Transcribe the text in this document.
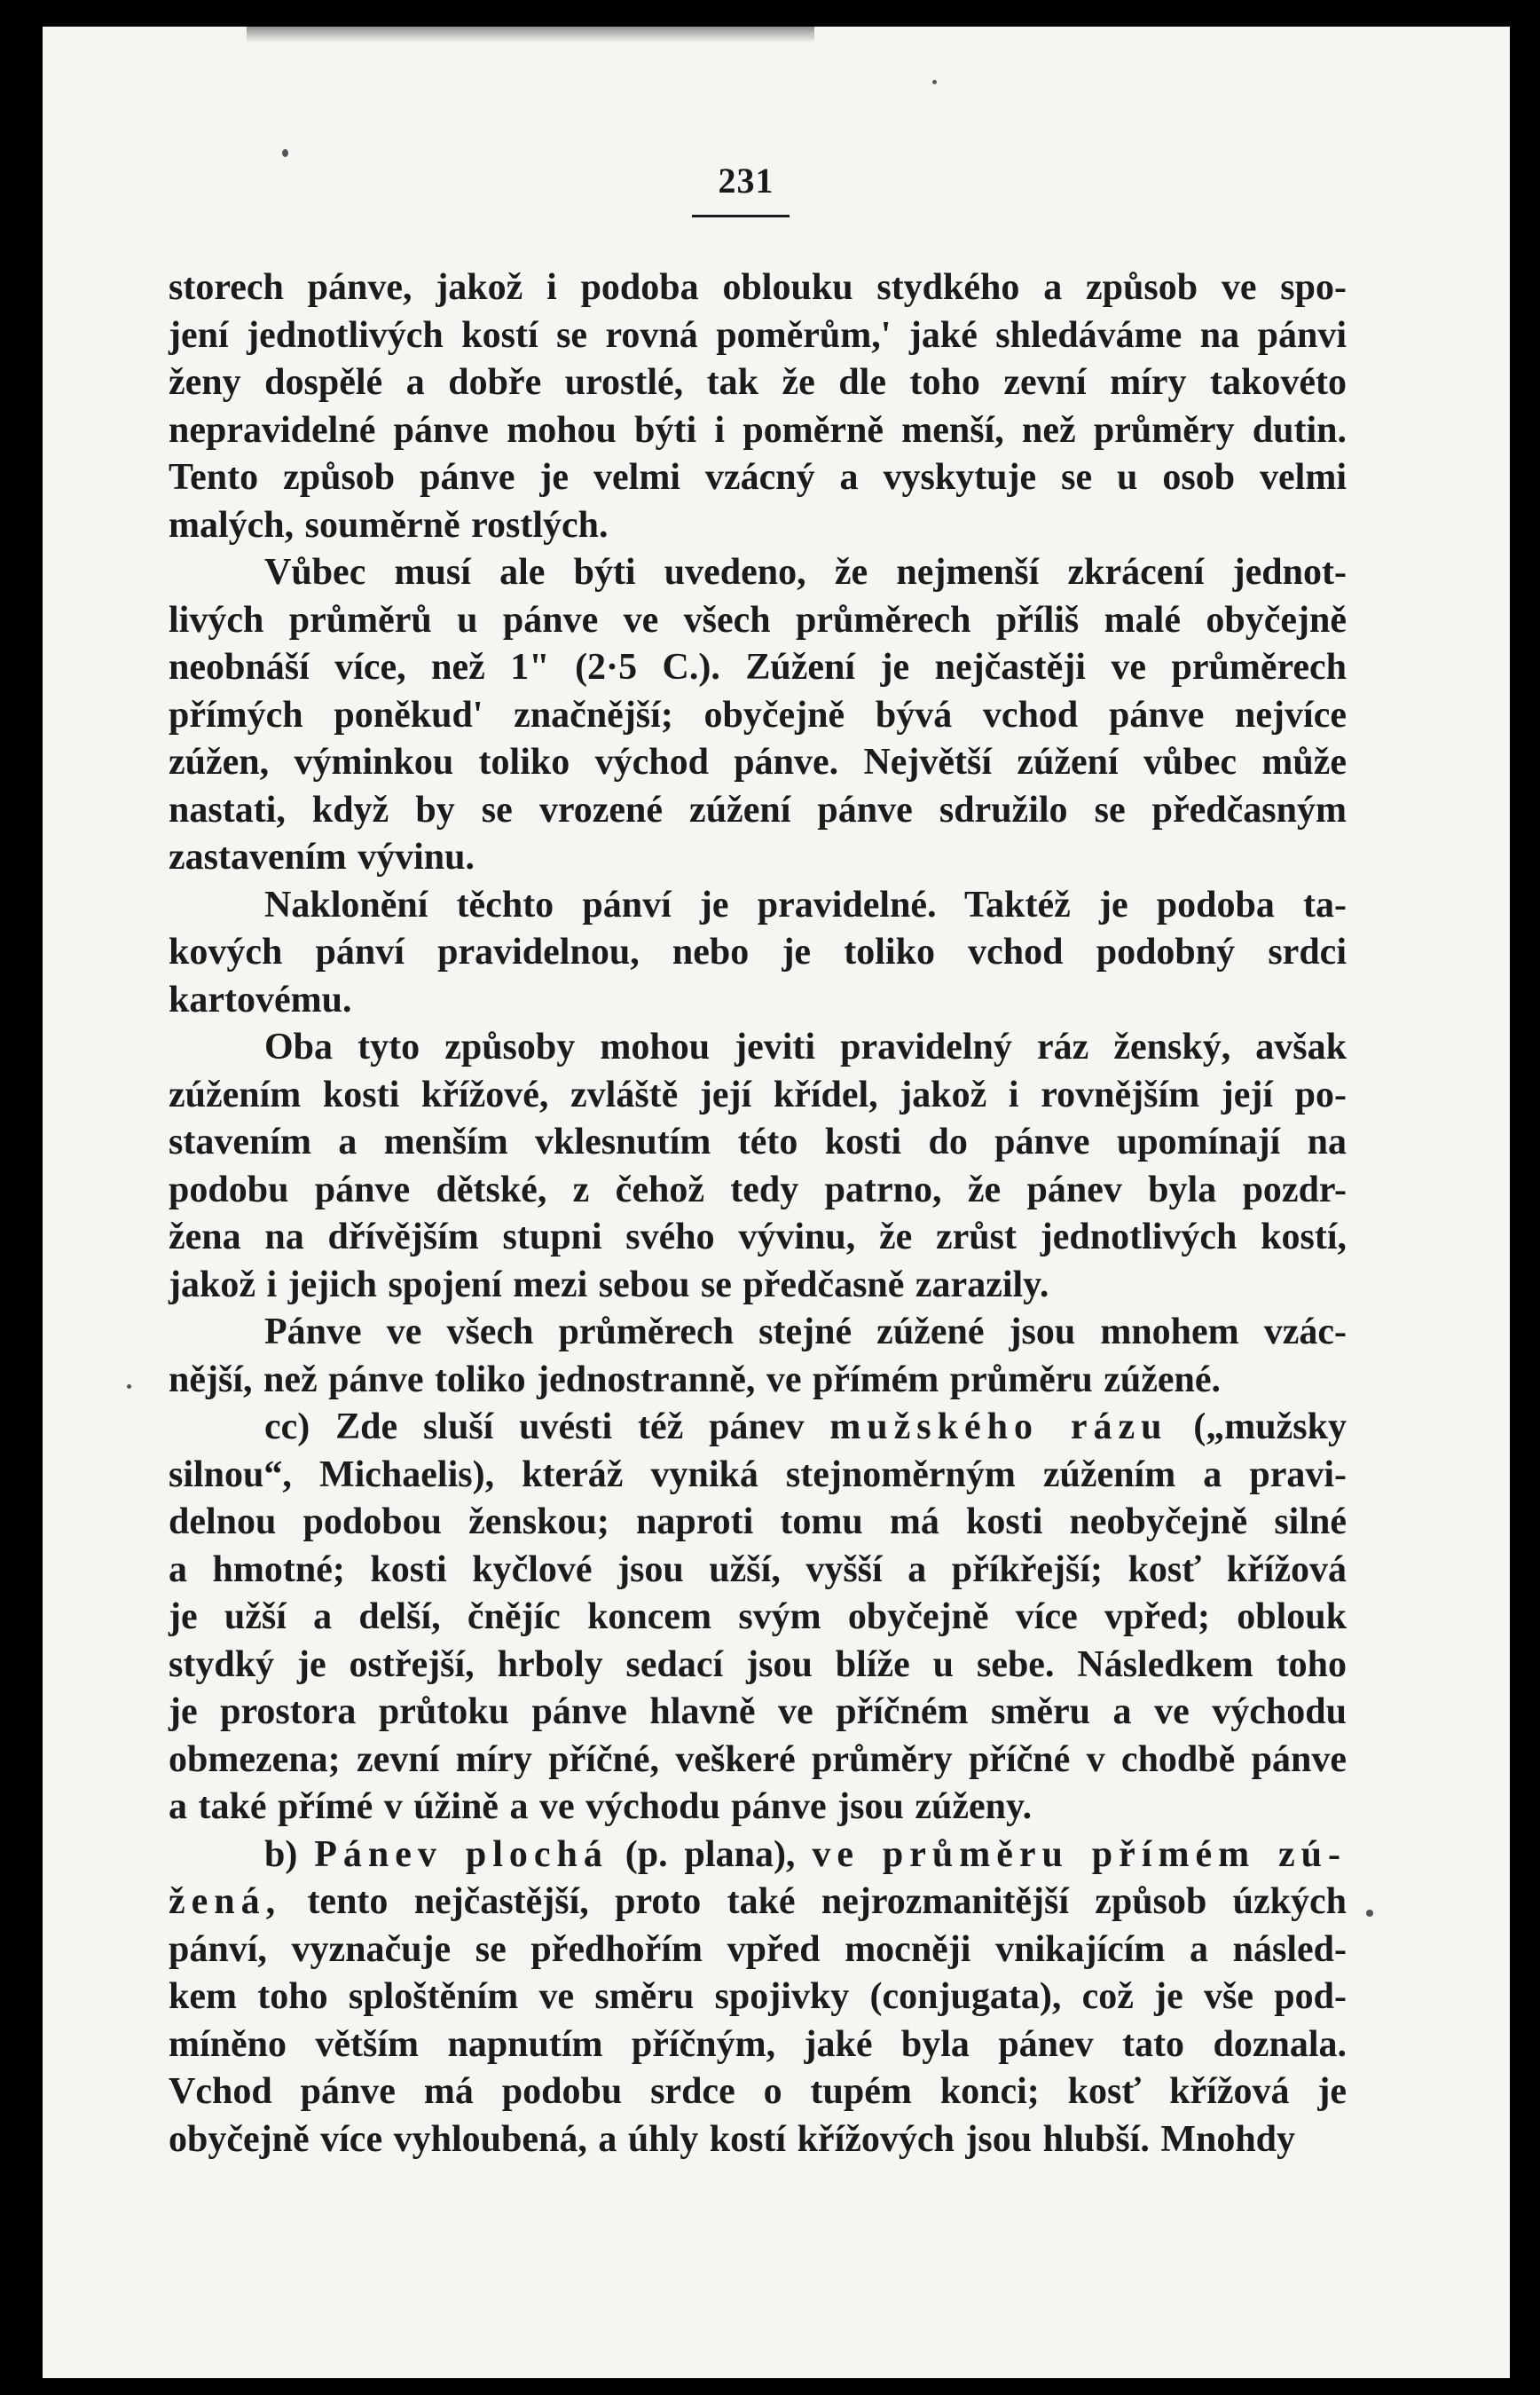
231
storech pánve, jakož i podoba oblouku stydkého a způsob ve spo-
jení jednotlivých kostí se rovná poměrům,' jaké shledáváme na pánvi
ženy dospělé a dobře urostlé, tak že dle toho zevní míry takovéto
nepravidelné pánve mohou býti i poměrně menší, než průměry dutin.
Tento způsob pánve je velmi vzácný a vyskytuje se u osob velmi
malých, souměrně rostlých.
Vůbec musí ale býti uvedeno, že nejmenší zkrácení jednot-
livých průměrů u pánve ve všech průměrech příliš malé obyčejně
neobnáší více, než 1" (2·5 C.). Zúžení je nejčastěji ve průměrech
přímých poněkud' značnější; obyčejně bývá vchod pánve nejvíce
zúžen, výminkou toliko východ pánve. Největší zúžení vůbec může
nastati, když by se vrozené zúžení pánve sdružilo se předčasným
zastavením vývinu.
Naklonění těchto pánví je pravidelné. Taktéž je podoba ta-
kových pánví pravidelnou, nebo je toliko vchod podobný srdci
kartovému.
Oba tyto způsoby mohou jeviti pravidelný ráz ženský, avšak
zúžením kosti křížové, zvláště její křídel, jakož i rovnějším její po-
stavením a menším vklesnutím této kosti do pánve upomínají na
podobu pánve dětské, z čehož tedy patrno, že pánev byla pozdr-
žena na dřívějším stupni svého vývinu, že zrůst jednotlivých kostí,
jakož i jejich spojení mezi sebou se předčasně zarazily.
Pánve ve všech průměrech stejné zúžené jsou mnohem vzác-
nější, než pánve toliko jednostranně, ve přímém průměru zúžené.
cc) Zde sluší uvésti též pánev mužského rázu („mužsky
silnou“, Michaelis), kteráž vyniká stejnoměrným zúžením a pravi-
delnou podobou ženskou; naproti tomu má kosti neobyčejně silné
a hmotné; kosti kyčlové jsou užší, vyšší a příkřejší; kosť křížová
je užší a delší, čnějíc koncem svým obyčejně více vpřed; oblouk
stydký je ostřejší, hrboly sedací jsou blíže u sebe. Následkem toho
je prostora průtoku pánve hlavně ve příčném směru a ve východu
obmezena; zevní míry příčné, veškeré průměry příčné v chodbě pánve
a také přímé v úžině a ve východu pánve jsou zúženy.
b) Pánev plochá (p. plana), ve průměru přímém zú-
žená, tento nejčastější, proto také nejrozmanitější způsob úzkých
pánví, vyznačuje se předhořím vpřed mocněji vnikajícím a násled-
kem toho sploštěním ve směru spojivky (conjugata), což je vše pod-
míněno větším napnutím příčným, jaké byla pánev tato doznala.
Vchod pánve má podobu srdce o tupém konci; kosť křížová je
obyčejně více vyhloubená, a úhly kostí křížových jsou hlubší. Mnohdy
